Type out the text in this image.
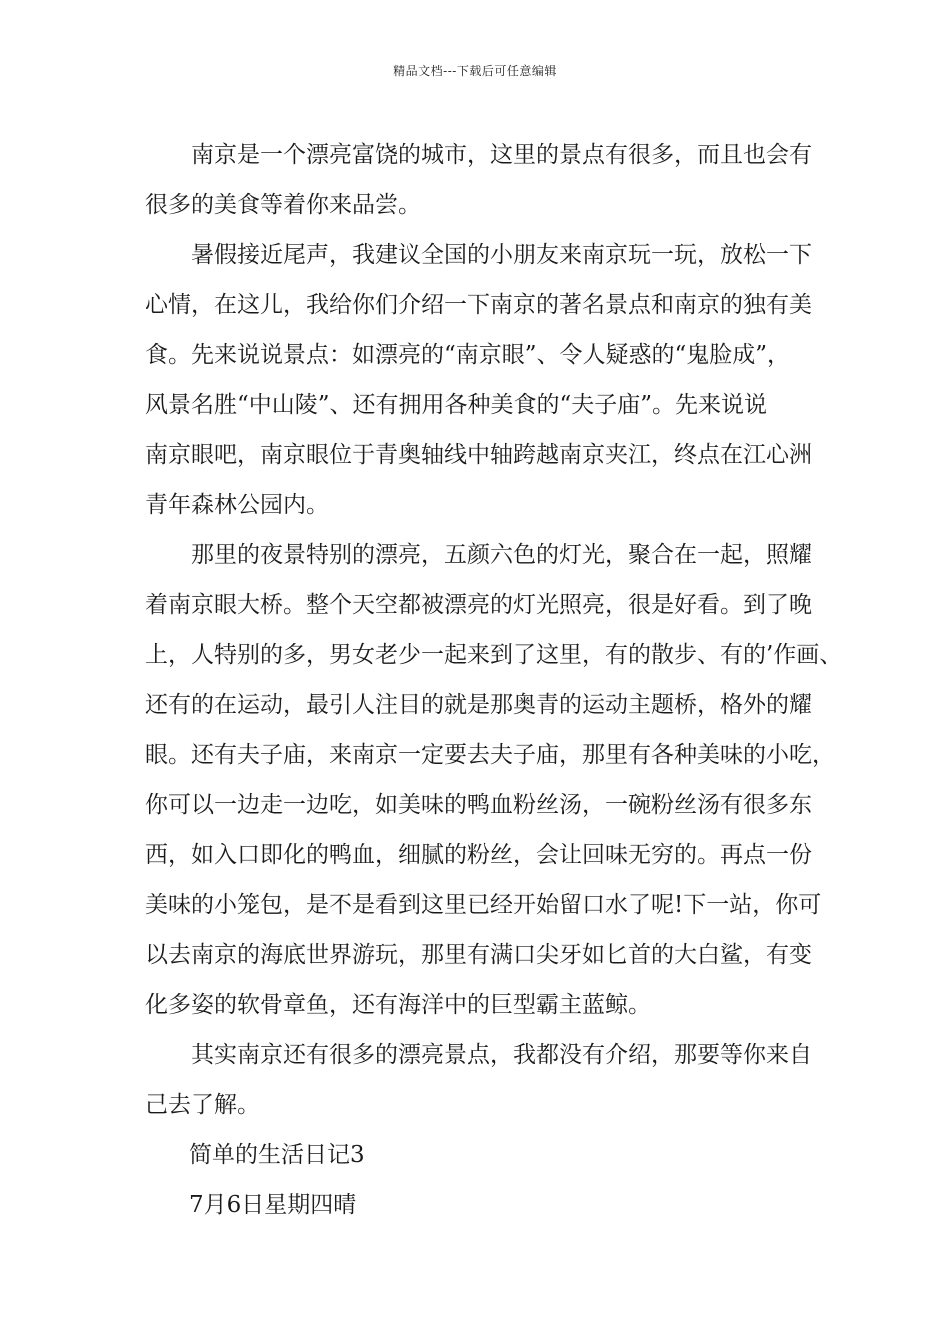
精品文档---下载后可任意编辑
南京是一个漂亮富饶的城市，这里的景点有很多，而且也会有
很多的美食等着你来品尝。
暑假接近尾声，我建议全国的小朋友来南京玩一玩，放松一下
心情，在这儿，我给你们介绍一下南京的著名景点和南京的独有美
食。先来说说景点：如漂亮的“南京眼”、令人疑惑的“鬼脸成”，
风景名胜“中山陵”、还有拥用各种美食的“夫子庙”。先来说说
南京眼吧，南京眼位于青奥轴线中轴跨越南京夹江，终点在江心洲
青年森林公园内。
那里的夜景特别的漂亮，五颜六色的灯光，聚合在一起，照耀
着南京眼大桥。整个天空都被漂亮的灯光照亮，很是好看。到了晚
上，人特别的多，男女老少一起来到了这里，有的散步、有的’作画、
还有的在运动，最引人注目的就是那奥青的运动主题桥，格外的耀
眼。还有夫子庙，来南京一定要去夫子庙，那里有各种美味的小吃，
你可以一边走一边吃，如美味的鸭血粉丝汤，一碗粉丝汤有很多东
西，如入口即化的鸭血，细腻的粉丝，会让回味无穷的。再点一份
美味的小笼包，是不是看到这里已经开始留口水了呢!下一站，你可
以去南京的海底世界游玩，那里有满口尖牙如匕首的大白鲨，有变
化多姿的软骨章鱼，还有海洋中的巨型霸主蓝鲸。
其实南京还有很多的漂亮景点，我都没有介绍，那要等你来自
己去了解。

简单的生活日记3

7月6日星期四晴
